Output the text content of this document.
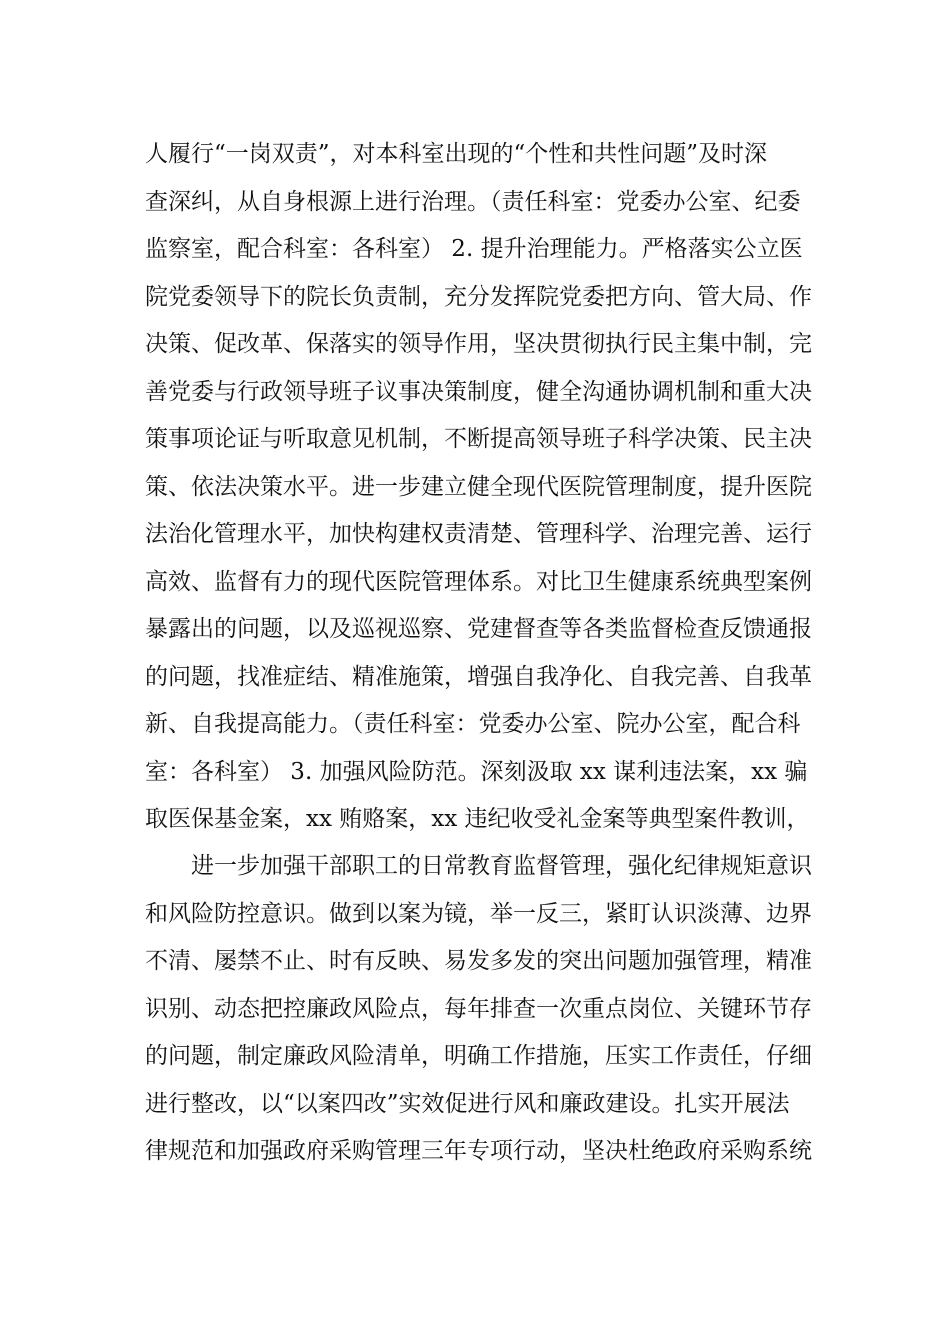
人履行“一岗双责”，对本科室出现的“个性和共性问题”及时深
查深纠，从自身根源上进行治理。（责任科室：党委办公室、纪委
监察室，配合科室：各科室） 2. 提升治理能力。严格落实公立医
院党委领导下的院长负责制，充分发挥院党委把方向、管大局、作
决策、促改革、保落实的领导作用，坚决贯彻执行民主集中制，完
善党委与行政领导班子议事决策制度，健全沟通协调机制和重大决
策事项论证与听取意见机制，不断提高领导班子科学决策、民主决
策、依法决策水平。进一步建立健全现代医院管理制度，提升医院
法治化管理水平，加快构建权责清楚、管理科学、治理完善、运行
高效、监督有力的现代医院管理体系。对比卫生健康系统典型案例
暴露出的问题，以及巡视巡察、党建督查等各类监督检查反馈通报
的问题，找准症结、精准施策，增强自我净化、自我完善、自我革
新、自我提高能力。（责任科室：党委办公室、院办公室，配合科
室：各科室） 3. 加强风险防范。深刻汲取 xx 谋利违法案，xx 骗
取医保基金案，xx 贿赂案，xx 违纪收受礼金案等典型案件教训，
进一步加强干部职工的日常教育监督管理，强化纪律规矩意识
和风险防控意识。做到以案为镜，举一反三，紧盯认识淡薄、边界
不清、屡禁不止、时有反映、易发多发的突出问题加强管理，精准
识别、动态把控廉政风险点，每年排查一次重点岗位、关键环节存
的问题，制定廉政风险清单，明确工作措施，压实工作责任，仔细
进行整改，以“以案四改”实效促进行风和廉政建设。扎实开展法
律规范和加强政府采购管理三年专项行动，坚决杜绝政府采购系统
